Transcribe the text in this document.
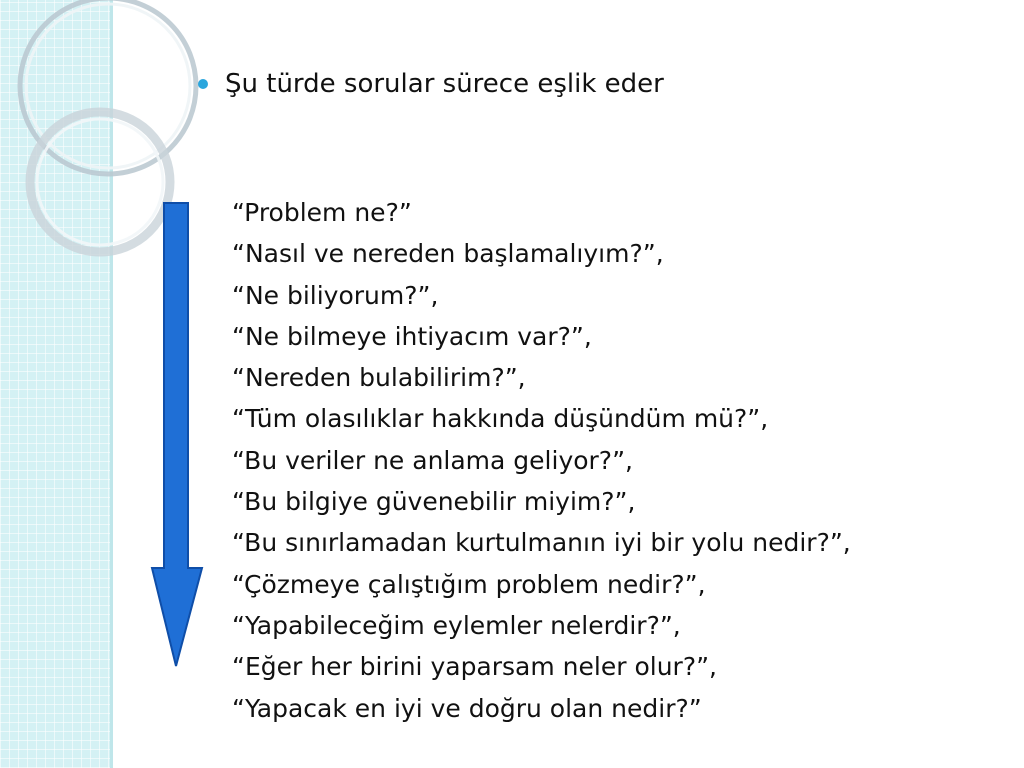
Şu türde sorular sürece eşlik eder
“Problem ne?”
“Nasıl ve nereden başlamalıyım?”,
“Ne biliyorum?”,
“Ne bilmeye ihtiyacım var?”,
“Nereden bulabilirim?”,
“Tüm olasılıklar hakkında düşündüm mü?”,
“Bu veriler ne anlama geliyor?”,
“Bu bilgiye güvenebilir miyim?”,
“Bu sınırlamadan kurtulmanın iyi bir yolu nedir?”,
“Çözmeye çalıştığım problem nedir?”,
“Yapabileceğim eylemler nelerdir?”,
“Eğer her birini yaparsam neler olur?”,
“Yapacak en iyi ve doğru olan nedir?”
